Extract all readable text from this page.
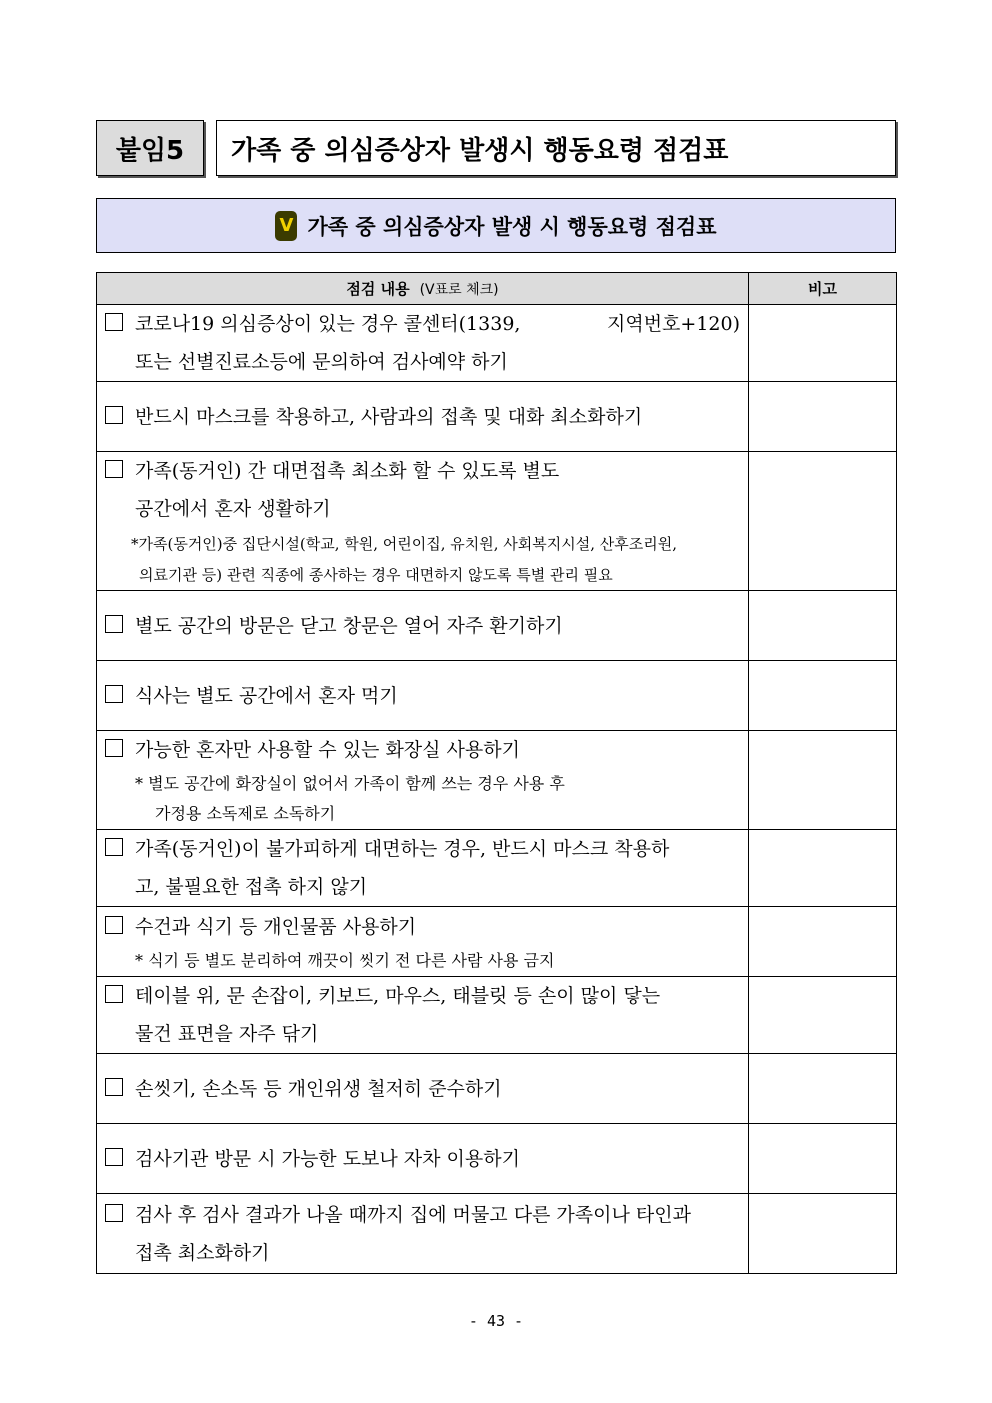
붙임5	가족 중 의심증상자 발생시 행동요령 점검표
V 가족 중 의심증상자 발생 시 행동요령 점검표
점검 내용 (V표로 체크)	비고

코로나19 의심증상이 있는 경우 콜센터(1339, 지역번호+120)
또는 선별진료소등에 문의하여 검사예약 하기	

반드시 마스크를 착용하고, 사람과의 접촉 및 대화 최소화하기	

가족(동거인) 간 대면접촉 최소화 할 수 있도록 별도
공간에서 혼자 생활하기
*가족(동거인)중 집단시설(학교, 학원, 어린이집, 유치원, 사회복지시설, 산후조리원,
의료기관 등) 관련 직종에 종사하는 경우 대면하지 않도록 특별 관리 필요	

별도 공간의 방문은 닫고 창문은 열어 자주 환기하기	

식사는 별도 공간에서 혼자 먹기	

가능한 혼자만 사용할 수 있는 화장실 사용하기
* 별도 공간에 화장실이 없어서 가족이 함께 쓰는 경우 사용 후
가정용 소독제로 소독하기	

가족(동거인)이 불가피하게 대면하는 경우, 반드시 마스크 착용하
고, 불필요한 접촉 하지 않기	

수건과 식기 등 개인물품 사용하기
* 식기 등 별도 분리하여 깨끗이 씻기 전 다른 사람 사용 금지	

테이블 위, 문 손잡이, 키보드, 마우스, 태블릿 등 손이 많이 닿는
물건 표면을 자주 닦기	

손씻기, 손소독 등 개인위생 철저히 준수하기	

검사기관 방문 시 가능한 도보나 자차 이용하기	

검사 후 검사 결과가 나올 때까지 집에 머물고 다른 가족이나 타인과
접촉 최소화하기	

- 43 -
